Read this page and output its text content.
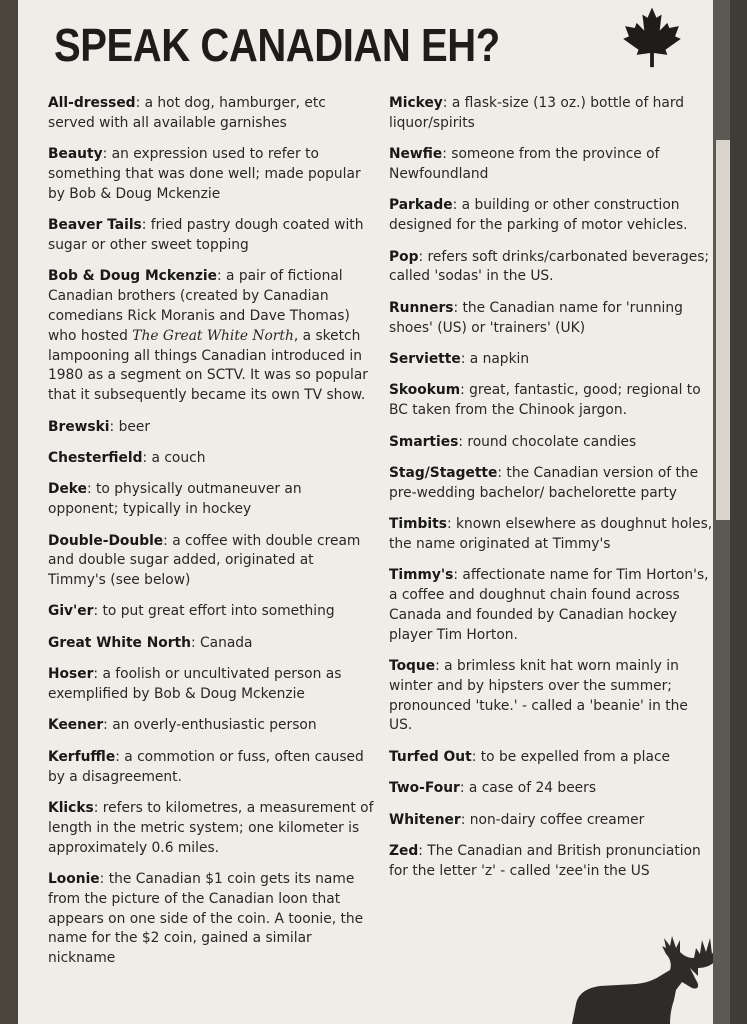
SPEAK CANADIAN EH?

All-dressed: a hot dog, hamburger, etc served with all available garnishes

Beauty: an expression used to refer to something that was done well; made popular by Bob & Doug Mckenzie

Beaver Tails: fried pastry dough coated with sugar or other sweet topping

Bob & Doug Mckenzie: a pair of fictional Canadian brothers (created by Canadian comedians Rick Moranis and Dave Thomas) who hosted The Great White North, a sketch lampooning all things Canadian introduced in 1980 as a segment on SCTV. It was so popular that it subsequently became its own TV show.

Brewski: beer

Chesterfield: a couch

Deke: to physically outmaneuver an opponent; typically in hockey

Double-Double: a coffee with double cream and double sugar added, originated at Timmy's (see below)

Giv'er: to put great effort into something

Great White North: Canada

Hoser: a foolish or uncultivated person as exemplified by Bob & Doug Mckenzie

Keener: an overly-enthusiastic person

Kerfuffle: a commotion or fuss, often caused by a disagreement.

Klicks: refers to kilometres, a measurement of length in the metric system; one kilometer is approximately 0.6 miles.

Loonie: the Canadian $1 coin gets its name from the picture of the Canadian loon that appears on one side of the coin. A toonie, the name for the $2 coin, gained a similar nickname

Mickey: a flask-size (13 oz.) bottle of hard liquor/spirits

Newfie: someone from the province of Newfoundland

Parkade: a building or other construction designed for the parking of motor vehicles.

Pop: refers soft drinks/carbonated beverages; called 'sodas' in the US.

Runners: the Canadian name for 'running shoes' (US) or 'trainers' (UK)

Serviette: a napkin

Skookum: great, fantastic, good; regional to BC taken from the Chinook jargon.

Smarties: round chocolate candies

Stag/Stagette: the Canadian version of the pre-wedding bachelor/ bachelorette party

Timbits: known elsewhere as doughnut holes, the name originated at Timmy's

Timmy's: affectionate name for Tim Horton's, a coffee and doughnut chain found across Canada and founded by Canadian hockey player Tim Horton.

Toque: a brimless knit hat worn mainly in winter and by hipsters over the summer; pronounced 'tuke.' - called a 'beanie' in the US.

Turfed Out: to be expelled from a place

Two-Four: a case of 24 beers

Whitener: non-dairy coffee creamer

Zed: The Canadian and British pronunciation for the letter 'z' - called 'zee'in the US
